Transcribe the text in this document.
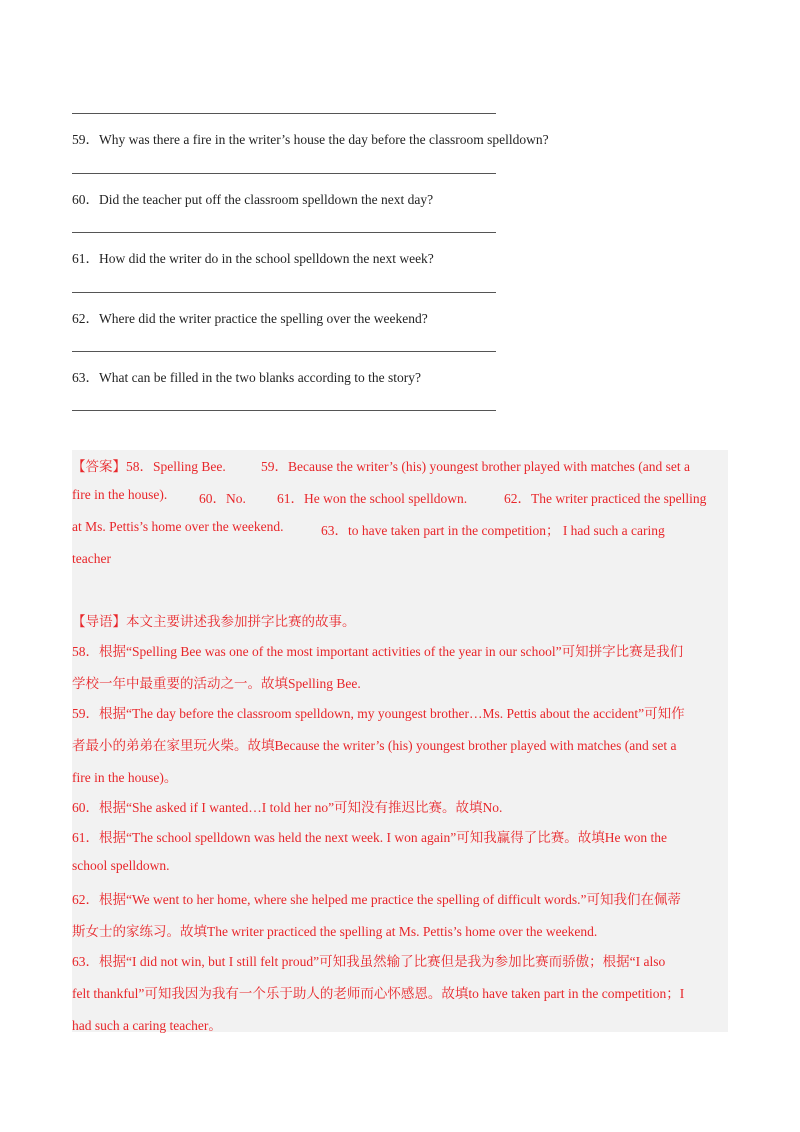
59．Why was there a fire in the writer’s house the day before the classroom spelldown?
60．Did the teacher put off the classroom spelldown the next day?
61．How did the writer do in the school spelldown the next week?
62．Where did the writer practice the spelling over the weekend?
63．What can be filled in the two blanks according to the story?
【答案】58．Spelling Bee.	59．Because the writer’s (his) youngest brother played with matches (and set a
fire in the house). 60．No. 61．He won the school spelldown.	62．The writer practiced the spelling
at Ms. Pettis’s home over the weekend.	63．to have taken part in the competition； I had such a caring
teacher
【导语】本文主要讲述我参加拼字比赛的故事。
58．根据“Spelling Bee was one of the most important activities of the year in our school”可知拼字比赛是我们
学校一年中最重要的活动之一。故填Spelling Bee.
59．根据“The day before the classroom spelldown, my youngest brother…Ms. Pettis about the accident”可知作
者最小的弟弟在家里玩火柴。故填Because the writer’s (his) youngest brother played with matches (and set a
fire in the house)。
60．根据“She asked if I wanted…I told her no”可知没有推迟比赛。故填No.
61．根据“The school spelldown was held the next week. I won again”可知我赢得了比赛。故填He won the
school spelldown.
62．根据“We went to her home, where she helped me practice the spelling of difficult words.”可知我们在佩蒂
斯女士的家练习。故填The writer practiced the spelling at Ms. Pettis’s home over the weekend.
63．根据“I did not win, but I still felt proud”可知我虽然输了比赛但是我为参加比赛而骄傲；根据“I also
felt thankful”可知我因为我有一个乐于助人的老师而心怀感恩。故填to have taken part in the competition；I
had such a caring teacher。
